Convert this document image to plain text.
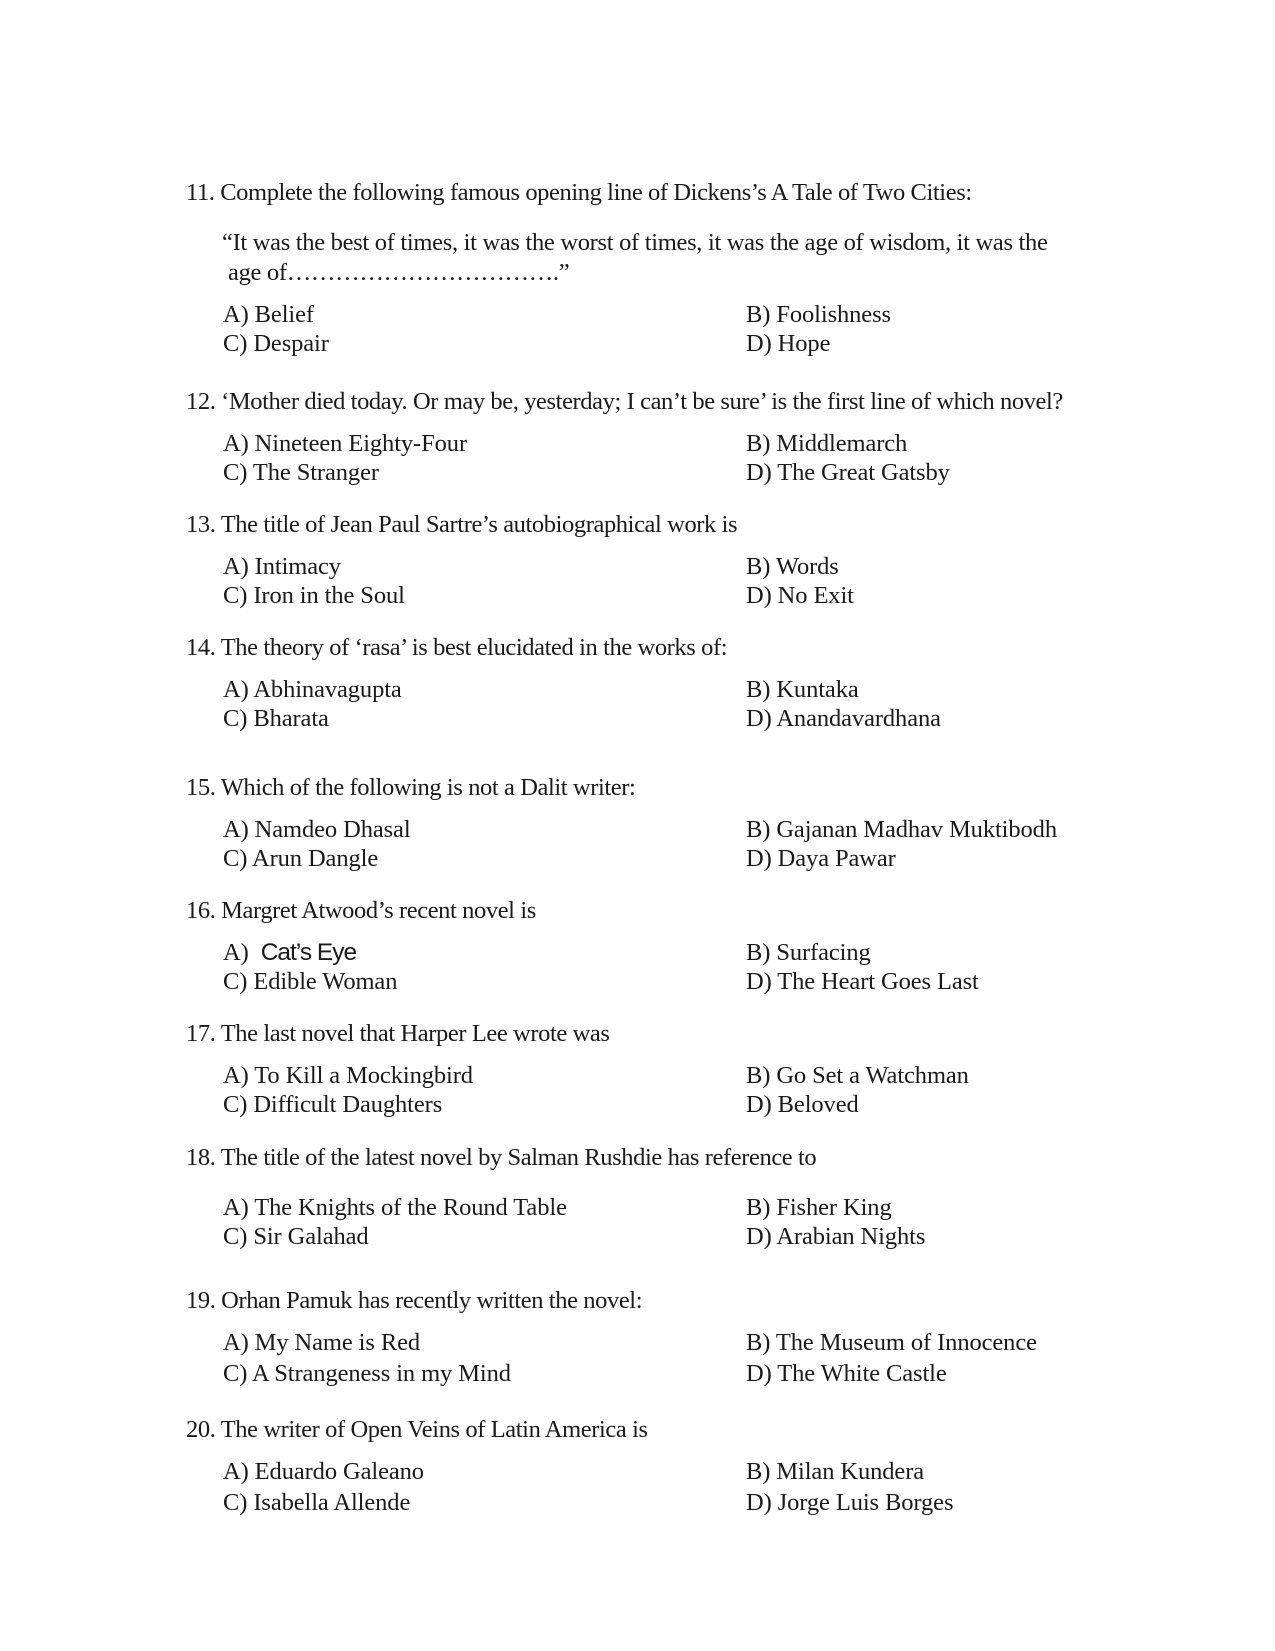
11. Complete the following famous opening line of Dickens’s A Tale of Two Cities:

“It was the best of times, it was the worst of times, it was the age of wisdom, it was the
age of…………………………….”
A) Belief
C) Despair
B) Foolishness
D) Hope

12. ‘Mother died today. Or may be, yesterday; I can’t be sure’ is the first line of which novel?

A) Nineteen Eighty-Four
C) The Stranger
B) Middlemarch
D) The Great Gatsby

13. The title of Jean Paul Sartre’s autobiographical work is

A) Intimacy
C) Iron in the Soul
B) Words
D) No Exit

14. The theory of ‘rasa’ is best elucidated in the works of:

A) Abhinavagupta
C) Bharata
B) Kuntaka
D) Anandavardhana

15. Which of the following is not a Dalit writer:

A) Namdeo Dhasal
C) Arun Dangle
B) Gajanan Madhav Muktibodh
D) Daya Pawar

16. Margret Atwood’s recent novel is

A)  Cat’s Eye
C) Edible Woman
B) Surfacing
D) The Heart Goes Last

17. The last novel that Harper Lee wrote was

A) To Kill a Mockingbird
C) Difficult Daughters
B) Go Set a Watchman
D) Beloved

18. The title of the latest novel by Salman Rushdie has reference to

A) The Knights of the Round Table
C) Sir Galahad
B) Fisher King
D) Arabian Nights

19. Orhan Pamuk has recently written the novel:

A) My Name is Red
C) A Strangeness in my Mind
B) The Museum of Innocence
D) The White Castle

20. The writer of Open Veins of Latin America is

A) Eduardo Galeano
C) Isabella Allende
B) Milan Kundera
D) Jorge Luis Borges
